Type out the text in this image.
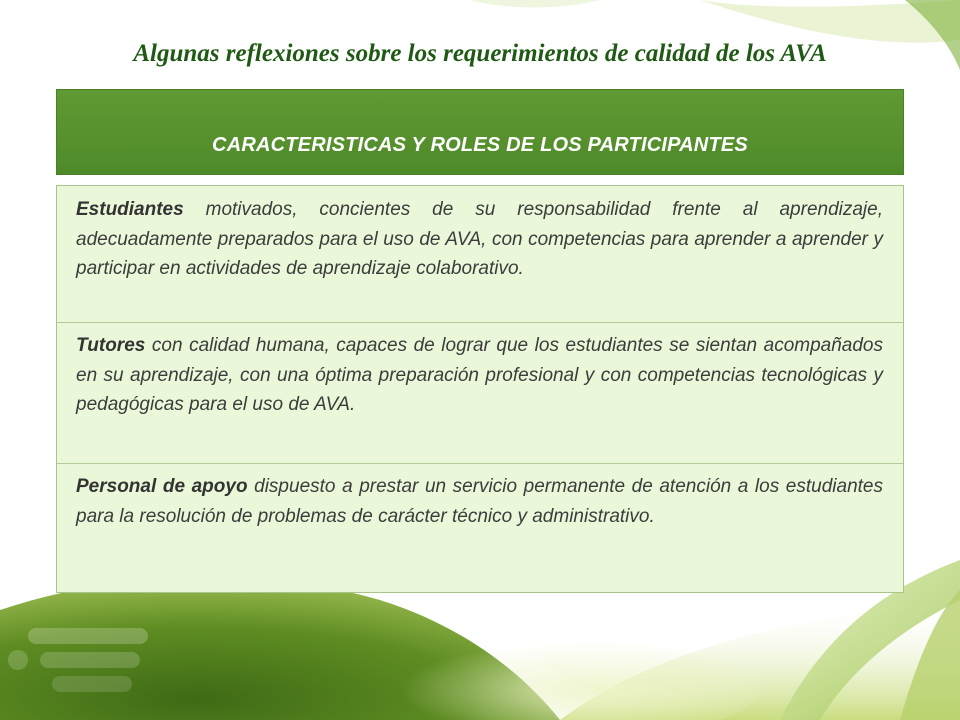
Algunas reflexiones sobre los requerimientos de calidad de los AVA
CARACTERISTICAS Y ROLES DE LOS PARTICIPANTES

Estudiantes motivados, concientes de su responsabilidad frente al aprendizaje, adecuadamente preparados para el uso de AVA, con competencias para aprender a aprender y participar en actividades de aprendizaje colaborativo.

Tutores con calidad humana, capaces de lograr que los estudiantes se sientan acompañados en su aprendizaje, con una óptima preparación profesional y con competencias tecnológicas y pedagógicas para el uso de AVA.

Personal de apoyo dispuesto a prestar un servicio permanente de atención a los estudiantes para la resolución de problemas de carácter técnico y administrativo.
